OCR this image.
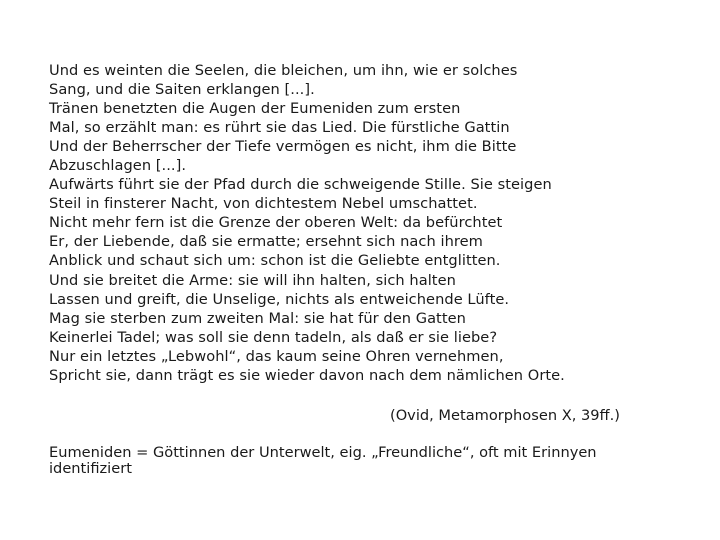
Und es weinten die Seelen, die bleichen, um ihn, wie er solches
Sang, und die Saiten erklangen [...].
Tränen benetzten die Augen der Eumeniden zum ersten
Mal, so erzählt man: es rührt sie das Lied. Die fürstliche Gattin
Und der Beherrscher der Tiefe vermögen es nicht, ihm die Bitte
Abzuschlagen [...].
Aufwärts führt sie der Pfad durch die schweigende Stille. Sie steigen
Steil in finsterer Nacht, von dichtestem Nebel umschattet.
Nicht mehr fern ist die Grenze der oberen Welt: da befürchtet
Er, der Liebende, daß sie ermatte; ersehnt sich nach ihrem
Anblick und schaut sich um: schon ist die Geliebte entglitten.
Und sie breitet die Arme: sie will ihn halten, sich halten
Lassen und greift, die Unselige, nichts als entweichende Lüfte.
Mag sie sterben zum zweiten Mal: sie hat für den Gatten
Keinerlei Tadel; was soll sie denn tadeln, als daß er sie liebe?
Nur ein letztes „Lebwohl“, das kaum seine Ohren vernehmen,
Spricht sie, dann trägt es sie wieder davon nach dem nämlichen Orte.
(Ovid, Metamorphosen X, 39ff.)
Eumeniden = Göttinnen der Unterwelt, eig. „Freundliche“, oft mit Erinnyen
identifiziert
